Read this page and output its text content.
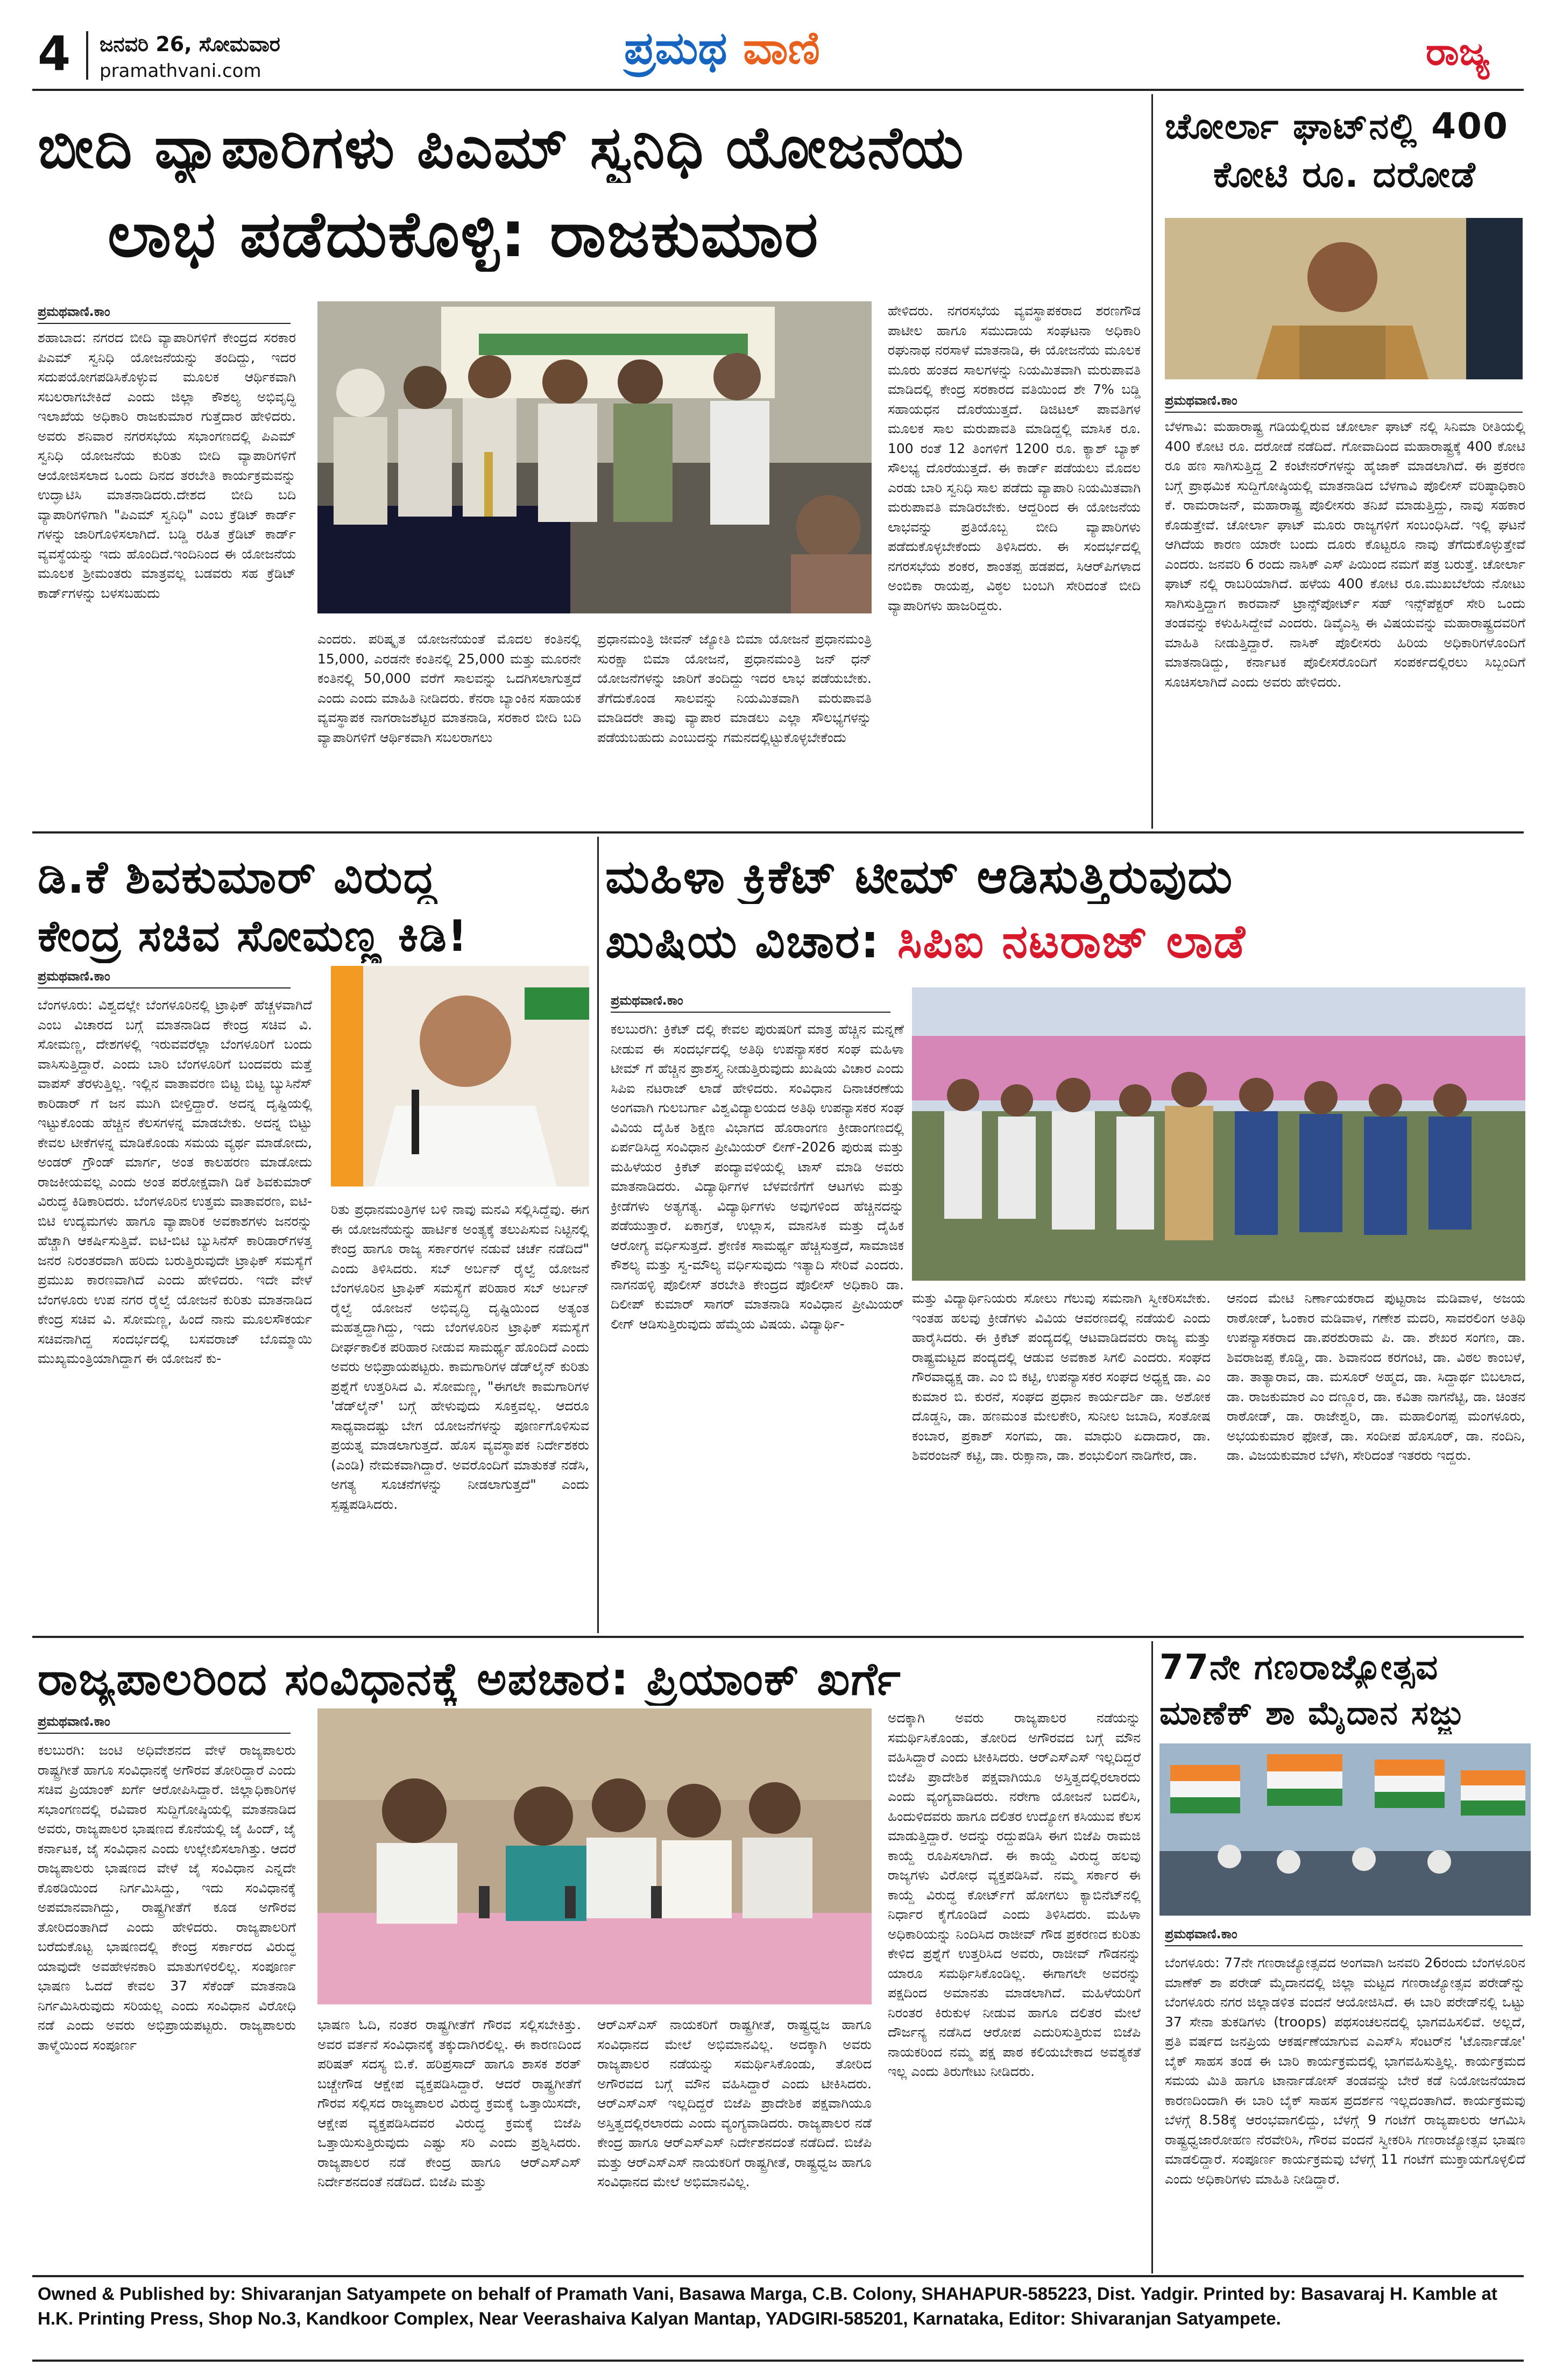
4 ಜನವರಿ 26, ಸೋಮವಾರ
pramathvani.com	ಪ್ರಮಥ ವಾಣಿ	ರಾಜ್ಯ
ಬೀದಿ ವ್ಯಾಪಾರಿಗಳು ಪಿಎಮ್ ಸ್ವನಿಧಿ ಯೋಜನೆಯ
ಲಾಭ ಪಡೆದುಕೊಳ್ಳಿ: ರಾಜಕುಮಾರ
ಪ್ರಮಥವಾಣಿ.ಕಾಂ
ಶಹಾಬಾದ: ನಗರದ ಬೀದಿ ವ್ಯಾಪಾರಿಗಳಿಗೆ ಕೇಂದ್ರದ ಸರಕಾರ ಪಿಎಮ್ ಸ್ವನಿಧಿ ಯೋಜನೆಯನ್ನು ತಂದಿದ್ದು, ಇದರ ಸದುಪಯೋಗಪಡಿಸಿಕೊಳ್ಳುವ ಮೂಲಕ ಆರ್ಥಿಕವಾಗಿ ಸಬಲರಾಗಬೇಕಿದೆ ಎಂದು ಜಿಲ್ಲಾ ಕೌಶಲ್ಯ ಅಭಿವೃದ್ಧಿ ಇಲಾಖೆಯ ಅಧಿಕಾರಿ ರಾಜಕುಮಾರ ಗುತ್ತೆದಾರ ಹೇಳಿದರು. ಅವರು ಶನಿವಾರ ನಗರಸಭೆಯ ಸಭಾಂಗಣದಲ್ಲಿ ಪಿಎಮ್ ಸ್ವನಿಧಿ ಯೋಜನೆಯ ಕುರಿತು ಬೀದಿ ವ್ಯಾಪಾರಿಗಳಿಗೆ ಆಯೋಜಿಸಲಾದ ಒಂದು ದಿನದ ತರಬೇತಿ ಕಾರ್ಯಕ್ರಮವನ್ನು ಉದ್ಘಾಟಿಸಿ ಮಾತನಾಡಿದರು.ದೇಶದ ಬೀದಿ ಬದಿ ವ್ಯಾಪಾರಿಗಳಿಗಾಗಿ "ಪಿಎಮ್ ಸ್ವನಿಧಿ" ಎಂಬ ಕ್ರೆಡಿಟ್ ಕಾರ್ಡ್ ಗಳನ್ನು ಜಾರಿಗೊಳಿಸಲಾಗಿದೆ. ಬಡ್ಡಿ ರಹಿತ ಕ್ರೆಡಿಟ್ ಕಾರ್ಡ್ ವ್ಯವಸ್ಥೆಯನ್ನು ಇದು ಹೊಂದಿದೆ.ಇಂದಿನಿಂದ ಈ ಯೋಜನೆಯ ಮೂಲಕ ಶ್ರೀಮಂತರು ಮಾತ್ರವಲ್ಲ ಬಡವರು ಸಹ ಕ್ರೆಡಿಟ್ ಕಾರ್ಡ್‌ಗಳನ್ನು ಬಳಸಬಹುದು
ಎಂದರು. ಪರಿಷ್ಕೃತ ಯೋಜನೆಯಂತೆ ಮೊದಲ ಕಂತಿನಲ್ಲಿ 15,000, ಎರಡನೇ ಕಂತಿನಲ್ಲಿ 25,000 ಮತ್ತು ಮೂರನೇ ಕಂತಿನಲ್ಲಿ 50,000 ವರೆಗೆ ಸಾಲವನ್ನು ಒದಗಿಸಲಾಗುತ್ತದೆ ಎಂದು ಎಂದು ಮಾಹಿತಿ ನೀಡಿದರು. ಕೆನರಾ ಬ್ಯಾಂಕಿನ ಸಹಾಯಕ ವ್ಯವಸ್ಥಾಪಕ ನಾಗರಾಜಶೆಟ್ಟರ ಮಾತನಾಡಿ, ಸರಕಾರ ಬೀದಿ ಬದಿ ವ್ಯಾಪಾರಿಗಳಿಗೆ ಆರ್ಥಿಕವಾಗಿ ಸಬಲರಾಗಲು
ಪ್ರಧಾನಮಂತ್ರಿ ಜೀವನ್ ಜ್ಯೋತಿ ಬಿಮಾ ಯೋಜನೆ ಪ್ರಧಾನಮಂತ್ರಿ ಸುರಕ್ಷಾ ಬಿಮಾ ಯೋಜನೆ, ಪ್ರಧಾನಮಂತ್ರಿ ಜನ್ ಧನ್ ಯೋಜನೆಗಳನ್ನು ಜಾರಿಗೆ ತಂದಿದ್ದು ಇದರ ಲಾಭ ಪಡೆಯಬೇಕು. ತೆಗೆದುಕೊಂಡ ಸಾಲವನ್ನು ನಿಯಮಿತವಾಗಿ ಮರುಪಾವತಿ ಮಾಡಿದರೇ ತಾವು ವ್ಯಾಪಾರ ಮಾಡಲು ಎಲ್ಲಾ ಸೌಲಭ್ಯಗಳನ್ನು ಪಡೆಯಬಹುದು ಎಂಬುದನ್ನು ಗಮನದಲ್ಲಿಟ್ಟುಕೊಳ್ಳಬೇಕೆಂದು
ಹೇಳಿದರು. ನಗರಸಭೆಯ ವ್ಯವಸ್ಥಾಪಕರಾದ ಶರಣಗೌಡ ಪಾಟೀಲ ಹಾಗೂ ಸಮುದಾಯ ಸಂಘಟನಾ ಅಧಿಕಾರಿ ರಘುನಾಥ ನರಸಾಳೆ ಮಾತನಾಡಿ, ಈ ಯೋಜನೆಯ ಮೂಲಕ ಮೂರು ಹಂತದ ಸಾಲಗಳನ್ನು ನಿಯಮಿತವಾಗಿ ಮರುಪಾವತಿ ಮಾಡಿದಲ್ಲಿ ಕೇಂದ್ರ ಸರಕಾರದ ವತಿಯಿಂದ ಶೇ 7% ಬಡ್ಡಿ ಸಹಾಯಧನ ದೊರೆಯುತ್ತದೆ. ಡಿಜಿಟಲ್ ಪಾವತಿಗಳ ಮೂಲಕ ಸಾಲ ಮರುಪಾವತಿ ಮಾಡಿದ್ದಲ್ಲಿ ಮಾಸಿಕ ರೂ. 100 ರಂತೆ 12 ತಿಂಗಳಿಗೆ 1200 ರೂ. ಕ್ಯಾಶ್ ಬ್ಯಾಕ್ ಸೌಲಭ್ಯ ದೊರೆಯುತ್ತದೆ. ಈ ಕಾರ್ಡ್ ಪಡೆಯಲು ಮೊದಲ ಎರಡು ಬಾರಿ ಸ್ವನಿಧಿ ಸಾಲ ಪಡೆದು ವ್ಯಾಪಾರಿ ನಿಯಮಿತವಾಗಿ ಮರುಪಾವತಿ ಮಾಡಿರಬೇಕು. ಆದ್ದರಿಂದ ಈ ಯೋಜನೆಯ ಲಾಭವನ್ನು ಪ್ರತಿಯೊಬ್ಬ ಬೀದಿ ವ್ಯಾಪಾರಿಗಳು ಪಡೆದುಕೊಳ್ಳಬೇಕೆಂದು ತಿಳಿಸಿದರು. ಈ ಸಂದರ್ಭದಲ್ಲಿ ನಗರಸಭೆಯ ಶಂಕರ, ಶಾಂತಪ್ಪ ಹಡಪದ, ಸಿಆರ್‌ಪಿಗಳಾದ ಅಂಬಿಕಾ ರಾಯಪ್ಪ, ವಿಠ್ಠಲ ಬಂಬಗಿ ಸೇರಿದಂತೆ ಬೀದಿ ವ್ಯಾಪಾರಿಗಳು ಹಾಜರಿದ್ದರು.
ಚೋರ್ಲಾ ಘಾಟ್‌ನಲ್ಲಿ 400
ಕೋಟಿ ರೂ. ದರೋಡೆ
ಪ್ರಮಥವಾಣಿ.ಕಾಂ
ಬೆಳಗಾವಿ: ಮಹಾರಾಷ್ಟ್ರ ಗಡಿಯಲ್ಲಿರುವ ಚೋರ್ಲಾ ಘಾಟ್ ನಲ್ಲಿ ಸಿನಿಮಾ ರೀತಿಯಲ್ಲಿ 400 ಕೋಟಿ ರೂ. ದರೋಡೆ ನಡೆದಿದೆ. ಗೋವಾದಿಂದ ಮಹಾರಾಷ್ಟ್ರಕ್ಕೆ 400 ಕೋಟಿ ರೂ ಹಣ ಸಾಗಿಸುತ್ತಿದ್ದ 2 ಕಂಟೇನರ್‌ಗಳನ್ನು ಹೈಜಾಕ್ ಮಾಡಲಾಗಿದೆ. ಈ ಪ್ರಕರಣ ಬಗ್ಗೆ ಪ್ರಾಥಮಿಕ ಸುದ್ದಿಗೋಷ್ಠಿಯಲ್ಲಿ ಮಾತನಾಡಿದ ಬೆಳಗಾವಿ ಪೊಲೀಸ್ ವರಿಷ್ಠಾಧಿಕಾರಿ ಕೆ. ರಾಮರಾಜನ್, ಮಹಾರಾಷ್ಟ್ರ ಪೊಲೀಸರು ತನಿಖೆ ಮಾಡುತ್ತಿದ್ದು, ನಾವು ಸಹಕಾರ ಕೊಡುತ್ತೇವೆ. ಚೋರ್ಲಾ ಘಾಟ್ ಮೂರು ರಾಜ್ಯಗಳಿಗೆ ಸಂಬಂಧಿಸಿದೆ. ಇಲ್ಲಿ ಘಟನೆ ಆಗಿದೆಯ ಕಾರಣ ಯಾರೇ ಬಂದು ದೂರು ಕೊಟ್ಟರೂ ನಾವು ತೆಗೆದುಕೊಳ್ಳುತ್ತೇವೆ ಎಂದರು. ಜನವರಿ 6 ರಂದು ನಾಸಿಕ್ ಎಸ್ ಪಿಯಿಂದ ನಮಗೆ ಪತ್ರ ಬರುತ್ತೆ. ಚೋರ್ಲಾ ಘಾಟ್ ನಲ್ಲಿ ರಾಬರಿಯಾಗಿದೆ. ಹಳೆಯ 400 ಕೋಟಿ ರೂ.ಮುಖಬೆಲೆಯ ನೋಟು ಸಾಗಿಸುತ್ತಿದ್ದಾಗ ಕಾರವಾನ್ ಟ್ರಾನ್ಸ್‌ಪೋರ್ಟ್ ಸಹ್ ಇನ್ಸ್‌ಪೆಕ್ಟರ್ ಸೇರಿ ಒಂದು ತಂಡವನ್ನು ಕಳುಹಿಸಿದ್ದೇವೆ ಎಂದರು. ಡಿವೈಎಸ್ಪಿ ಈ ವಿಷಯವನ್ನು ಮಹಾರಾಷ್ಟ್ರದವರಿಗೆ ಮಾಹಿತಿ ನೀಡುತ್ತಿದ್ದಾರೆ. ನಾಸಿಕ್ ಪೊಲೀಸರು ಹಿರಿಯ ಅಧಿಕಾರಿಗಳೊಂದಿಗೆ ಮಾತನಾಡಿದ್ದು, ಕರ್ನಾಟಕ ಪೊಲೀಸರೊಂದಿಗೆ ಸಂಪರ್ಕದಲ್ಲಿರಲು ಸಿಬ್ಬಂದಿಗೆ ಸೂಚಿಸಲಾಗಿದೆ ಎಂದು ಅವರು ಹೇಳಿದರು.
ಡಿ.ಕೆ ಶಿವಕುಮಾರ್ ವಿರುದ್ಧ
ಕೇಂದ್ರ ಸಚಿವ ಸೋಮಣ್ಣ ಕಿಡಿ!
ಪ್ರಮಥವಾಣಿ.ಕಾಂ
ಬೆಂಗಳೂರು: ವಿಶ್ವದಲ್ಲೇ ಬೆಂಗಳೂರಿನಲ್ಲಿ ಟ್ರಾಫಿಕ್ ಹೆಚ್ಚಳವಾಗಿದೆ ಎಂಬ ವಿಚಾರದ ಬಗ್ಗೆ ಮಾತನಾಡಿದ ಕೇಂದ್ರ ಸಚಿವ ವಿ. ಸೋಮಣ್ಣ, ದೇಶಗಳಲ್ಲಿ ಇರುವವರೆಲ್ಲಾ ಬೆಂಗಳೂರಿಗೆ ಬಂದು ವಾಸಿಸುತ್ತಿದ್ದಾರೆ. ಎಂದು ಬಾರಿ ಬೆಂಗಳೂರಿಗೆ ಬಂದವರು ಮತ್ತೆ ವಾಪಸ್ ತೆರಳುತ್ತಿಲ್ಲ. ಇಲ್ಲಿನ ವಾತಾವರಣ ಬಿಟ್ಟ ಬಿಟ್ಟ ಬ್ಯುಸಿನೆಸ್ ಕಾರಿಡಾರ್ ಗೆ ಜನ ಮುಗಿ ಬೀಳ್ತಿದ್ದಾರೆ. ಅದನ್ನ ದೃಷ್ಟಿಯಲ್ಲಿ ಇಟ್ಟುಕೊಂಡು ಹೆಚ್ಚಿನ ಕೆಲಸಗಳನ್ನ ಮಾಡಬೇಕು. ಅದನ್ನ ಬಿಟ್ಟು ಕೇವಲ ಟೀಕೆಗಳನ್ನ ಮಾಡಿಕೊಂಡು ಸಮಯ ವ್ಯರ್ಥ ಮಾಡೋದು, ಅಂಡರ್ ಗ್ರೌಂಡ್ ಮಾರ್ಗ, ಅಂತ ಕಾಲಹರಣ ಮಾಡೋದು ರಾಜಕೀಯವಲ್ಲ ಎಂದು ಅಂತ ಪರೋಕ್ಷವಾಗಿ ಡಿಕೆ ಶಿವಕುಮಾರ್ ವಿರುದ್ಧ ಕಿಡಿಕಾರಿದರು. ಬೆಂಗಳೂರಿನ ಉತ್ತಮ ವಾತಾವರಣ, ಐಟಿ-ಬಿಟಿ ಉದ್ಯಮಗಳು ಹಾಗೂ ವ್ಯಾಪಾರಿಕ ಅವಕಾಶಗಳು ಜನರನ್ನು ಹೆಚ್ಚಾಗಿ ಆಕರ್ಷಿಸುತ್ತಿವೆ. ಐಟಿ-ಬಿಟಿ ಬ್ಯುಸಿನೆಸ್ ಕಾರಿಡಾರ್‌ಗಳತ್ತ ಜನರ ನಿರಂತರವಾಗಿ ಹರಿದು ಬರುತ್ತಿರುವುದೇ ಟ್ರಾಫಿಕ್ ಸಮಸ್ಯೆಗೆ ಪ್ರಮುಖ ಕಾರಣವಾಗಿದೆ ಎಂದು ಹೇಳಿದರು. ಇದೇ ವೇಳೆ ಬೆಂಗಳೂರು ಉಪ ನಗರ ರೈಲ್ವೆ ಯೋಜನೆ ಕುರಿತು ಮಾತನಾಡಿದ ಕೇಂದ್ರ ಸಚಿವ ವಿ. ಸೋಮಣ್ಣ, ಹಿಂದೆ ನಾನು ಮೂಲಸೌಕರ್ಯ ಸಚಿವನಾಗಿದ್ದ ಸಂದರ್ಭದಲ್ಲಿ ಬಸವರಾಜ್ ಬೊಮ್ಮಾಯಿ ಮುಖ್ಯಮಂತ್ರಿಯಾಗಿದ್ದಾಗ ಈ ಯೋಜನೆ ಕು-
ರಿತು ಪ್ರಧಾನಮಂತ್ರಿಗಳ ಬಳಿ ನಾವು ಮನವಿ ಸಲ್ಲಿಸಿದ್ದೆವು. ಈಗ ಈ ಯೋಜನೆಯನ್ನು ಹಾರ್ಟಿಕ ಅಂತ್ಯಕ್ಕೆ ತಲುಪಿಸುವ ನಿಟ್ಟಿನಲ್ಲಿ ಕೇಂದ್ರ ಹಾಗೂ ರಾಜ್ಯ ಸರ್ಕಾರಗಳ ನಡುವೆ ಚರ್ಚೆ ನಡೆದಿದೆ" ಎಂದು ತಿಳಿಸಿದರು. ಸಬ್ ಅರ್ಬನ್ ರೈಲ್ವೆ ಯೋಜನೆ ಬೆಂಗಳೂರಿನ ಟ್ರಾಫಿಕ್ ಸಮಸ್ಯೆಗೆ ಪರಿಹಾರ ಸಬ್ ಅರ್ಬನ್ ರೈಲ್ವೆ ಯೋಜನೆ ಅಭಿವೃದ್ಧಿ ದೃಷ್ಟಿಯಿಂದ ಅತ್ಯಂತ ಮಹತ್ವದ್ದಾಗಿದ್ದು, ಇದು ಬೆಂಗಳೂರಿನ ಟ್ರಾಫಿಕ್ ಸಮಸ್ಯೆಗೆ ದೀರ್ಘಕಾಲಿಕ ಪರಿಹಾರ ನೀಡುವ ಸಾಮರ್ಥ್ಯ ಹೊಂದಿದೆ ಎಂದು ಅವರು ಅಭಿಪ್ರಾಯಪಟ್ಟರು. ಕಾಮಗಾರಿಗಳ ಡೆಡ್‌ಲೈನ್ ಕುರಿತು ಪ್ರಶ್ನೆಗೆ ಉತ್ತರಿಸಿದ ವಿ. ಸೋಮಣ್ಣ, "ಈಗಲೇ ಕಾಮಗಾರಿಗಳ 'ಡೆಡ್‌ಲೈನ್' ಬಗ್ಗೆ ಹೇಳುವುದು ಸೂಕ್ತವಲ್ಲ. ಆದರೂ ಸಾಧ್ಯವಾದಷ್ಟು ಬೇಗ ಯೋಜನೆಗಳನ್ನು ಪೂರ್ಣಗೊಳಿಸುವ ಪ್ರಯತ್ನ ಮಾಡಲಾಗುತ್ತದೆ. ಹೊಸ ವ್ಯವಸ್ಥಾಪಕ ನಿರ್ದೇಶಕರು (ಎಂಡಿ) ನೇಮಕವಾಗಿದ್ದಾರೆ. ಅವರೊಂದಿಗೆ ಮಾತುಕತೆ ನಡೆಸಿ, ಅಗತ್ಯ ಸೂಚನೆಗಳನ್ನು ನೀಡಲಾಗುತ್ತದೆ" ಎಂದು ಸ್ಪಷ್ಟಪಡಿಸಿದರು.
ಮಹಿಳಾ ಕ್ರಿಕೆಟ್ ಟೀಮ್ ಆಡಿಸುತ್ತಿರುವುದು
ಖುಷಿಯ ವಿಚಾರ: ಸಿಪಿಐ ನಟರಾಜ್ ಲಾಡೆ
ಪ್ರಮಥವಾಣಿ.ಕಾಂ
ಕಲಬುರಗಿ: ಕ್ರಿಕೆಟ್ ದಲ್ಲಿ ಕೇವಲ ಪುರುಷರಿಗೆ ಮಾತ್ರ ಹೆಚ್ಚಿನ ಮನ್ನಣೆ ನೀಡುವ ಈ ಸಂದರ್ಭದಲ್ಲಿ ಅತಿಥಿ ಉಪನ್ಯಾಸಕರ ಸಂಘ ಮಹಿಳಾ ಟೀಮ್ ಗೆ ಹೆಚ್ಚಿನ ಪ್ರಾಶಸ್ತ್ಯ ನೀಡುತ್ತಿರುವುದು ಖುಷಿಯ ವಿಚಾರ ಎಂದು ಸಿಪಿಐ ನಟರಾಜ್ ಲಾಡೆ ಹೇಳಿದರು. ಸಂವಿಧಾನ ದಿನಾಚರಣೆಯ ಅಂಗವಾಗಿ ಗುಲಬರ್ಗಾ ವಿಶ್ವವಿದ್ಯಾಲಯದ ಅತಿಥಿ ಉಪನ್ಯಾಸಕರ ಸಂಘ ವಿವಿಯ ದೈಹಿಕ ಶಿಕ್ಷಣ ವಿಭಾಗದ ಹೊರಾಂಗಣ ಕ್ರೀಡಾಂಗಣದಲ್ಲಿ ಏರ್ಪಡಿಸಿದ್ದ ಸಂವಿಧಾನ ಪ್ರೀಮಿಯರ್ ಲೀಗ್-2026 ಪುರುಷ ಮತ್ತು ಮಹಿಳೆಯರ ಕ್ರಿಕೆಟ್ ಪಂದ್ಯಾವಳಿಯಲ್ಲಿ ಟಾಸ್ ಮಾಡಿ ಅವರು ಮಾತನಾಡಿದರು. ವಿದ್ಯಾರ್ಥಿಗಳ ಬೆಳವಣಿಗೆಗೆ ಆಟಗಳು ಮತ್ತು ಕ್ರೀಡೆಗಳು ಅತ್ಯಗತ್ಯ. ವಿದ್ಯಾರ್ಥಿಗಳು ಅವುಗಳಿಂದ ಹೆಚ್ಚಿನದನ್ನು ಪಡೆಯುತ್ತಾರೆ. ಏಕಾಗ್ರತೆ, ಉಲ್ಲಾಸ, ಮಾನಸಿಕ ಮತ್ತು ದೈಹಿಕ ಆರೋಗ್ಯ ವರ್ಧಿಸುತ್ತದೆ. ಶ್ರೇಣಿಕ ಸಾಮರ್ಥ್ಯ ಹೆಚ್ಚಿಸುತ್ತದೆ, ಸಾಮಾಜಿಕ ಕೌಶಲ್ಯ ಮತ್ತು ಸ್ವ-ಮೌಲ್ಯ ವರ್ಧಿಸುವುದು ಇತ್ಯಾದಿ ಸೇರಿವೆ ಎಂದರು. ನಾಗನಹಳ್ಳಿ ಪೊಲೀಸ್ ತರಬೇತಿ ಕೇಂದ್ರದ ಪೊಲೀಸ್ ಅಧಿಕಾರಿ ಡಾ. ದಿಲೀಪ್ ಕುಮಾರ್ ಸಾಗರ್ ಮಾತನಾಡಿ ಸಂವಿಧಾನ ಪ್ರೀಮಿಯರ್ ಲೀಗ್ ಆಡಿಸುತ್ತಿರುವುದು ಹೆಮ್ಮೆಯ ವಿಷಯ. ವಿದ್ಯಾರ್ಥಿ-
ಮತ್ತು ವಿದ್ಯಾರ್ಥಿನಿಯರು ಸೋಲು ಗೆಲುವು ಸಮನಾಗಿ ಸ್ವೀಕರಿಸಬೇಕು. ಇಂತಹ ಹಲವು ಕ್ರೀಡೆಗಳು ವಿವಿಯ ಆವರಣದಲ್ಲಿ ನಡೆಯಲಿ ಎಂದು ಹಾರೈಸಿದರು. ಈ ಕ್ರಿಕೆಟ್ ಪಂದ್ಯದಲ್ಲಿ ಆಟವಾಡಿದವರು ರಾಜ್ಯ ಮತ್ತು ರಾಷ್ಟ್ರಮಟ್ಟದ ಪಂದ್ಯದಲ್ಲಿ ಆಡುವ ಅವಕಾಶ ಸಿಗಲಿ ಎಂದರು. ಸಂಘದ ಗೌರವಾಧ್ಯಕ್ಷ ಡಾ. ಎಂ ಬಿ ಕಟ್ಟಿ, ಉಪನ್ಯಾಸಕರ ಸಂಘದ ಅಧ್ಯಕ್ಷ ಡಾ. ಎಂ ಕುಮಾರ ಬಿ. ಕುರನೆ, ಸಂಘದ ಪ್ರಧಾನ ಕಾರ್ಯದರ್ಶಿ ಡಾ. ಅಶೋಕ ದೊಡ್ಡನಿ, ಡಾ. ಹಣಮಂತ ಮೇಲಕೇರಿ, ಸುನೀಲ ಜಬಾದಿ, ಸಂತೋಷ ಕಂಬಾರ, ಪ್ರಕಾಶ್ ಸಂಗಮ, ಡಾ. ಮಾಧುರಿ ಏದಾದಾರ, ಡಾ. ಶಿವರಂಜನ್ ಕಟ್ಟಿ, ಡಾ. ರುಕ್ಸಾನಾ, ಡಾ. ಶಂಭುಲಿಂಗ ನಾಡಿಗೇರ, ಡಾ.
ಆನಂದ ಮೇಟಿ ನಿರ್ಣಾಯಕರಾದ ಪುಟ್ಟರಾಜ ಮಡಿವಾಳ, ಅಜಯ ರಾಠೋಡ್, ಓಂಕಾರ ಮಡಿವಾಳ, ಗಣೇಶ ಮದರಿ, ಸಾವರಲಿಂಗ ಅತಿಥಿ ಉಪನ್ಯಾಸಕರಾದ ಡಾ.ಪರಶುರಾಮ ಪಿ. ಡಾ. ಶೇಖರ ಸಂಗಣ, ಡಾ. ಶಿವರಾಜಪ್ಪ ಕೊಡ್ಡಿ, ಡಾ. ಶಿವಾನಂದ ಕರಗಂಟಿ, ಡಾ. ವಿಠಲ ಕಾಂಬಳೆ, ಡಾ. ತಾತ್ಯಾರಾವ, ಡಾ. ಮಸೂರ್ ಅಹ್ಮದ, ಡಾ. ಸಿದ್ದಾರ್ಥ ಬಿಬಲಾದ, ಡಾ. ರಾಜಕುಮಾರ ಎಂ ದಣ್ಣೂರ, ಡಾ. ಕವಿತಾ ನಾಗನೆಟ್ಟಿ, ಡಾ. ಚಿಂತನ ರಾಠೋಡ್, ಡಾ. ರಾಜೇಶ್ವರಿ, ಡಾ. ಮಹಾಲಿಂಗಪ್ಪ ಮಂಗಳೂರು, ಅಭಯಕುಮಾರ ಫೋತೆ, ಡಾ. ಸಂದೀಪ ಹೊಸೂರ್, ಡಾ. ನಂದಿನಿ, ಡಾ. ವಿಜಯಕುಮಾರ ಬೆಳಗಿ, ಸೇರಿದಂತೆ ಇತರರು ಇದ್ದರು.
ರಾಜ್ಯಪಾಲರಿಂದ ಸಂವಿಧಾನಕ್ಕೆ ಅಪಚಾರ: ಪ್ರಿಯಾಂಕ್ ಖರ್ಗೆ
ಪ್ರಮಥವಾಣಿ.ಕಾಂ
ಕಲಬುರಗಿ: ಜಂಟಿ ಅಧಿವೇಶನದ ವೇಳೆ ರಾಜ್ಯಪಾಲರು ರಾಷ್ಟ್ರಗೀತೆ ಹಾಗೂ ಸಂವಿಧಾನಕ್ಕೆ ಅಗೌರವ ತೋರಿದ್ದಾರೆ ಎಂದು ಸಚಿವ ಪ್ರಿಯಾಂಕ್ ಖರ್ಗೆ ಆರೋಪಿಸಿದ್ದಾರೆ. ಜಿಲ್ಲಾಧಿಕಾರಿಗಳ ಸಭಾಂಗಣದಲ್ಲಿ ರವಿವಾರ ಸುದ್ದಿಗೋಷ್ಠಿಯಲ್ಲಿ ಮಾತನಾಡಿದ ಅವರು, ರಾಜ್ಯಪಾಲರ ಭಾಷಣದ ಕೊನೆಯಲ್ಲಿ ಜೈ ಹಿಂದ್, ಜೈ ಕರ್ನಾಟಕ, ಜೈ ಸಂವಿಧಾನ ಎಂದು ಉಲ್ಲೇಖಿಸಲಾಗಿತ್ತು. ಆದರೆ ರಾಜ್ಯಪಾಲರು ಭಾಷಣದ ವೇಳೆ ಜೈ ಸಂವಿಧಾನ ಎನ್ನದೇ ಕೊಠಡಿಯಿಂದ ನಿರ್ಗಮಿಸಿದ್ದು, ಇದು ಸಂವಿಧಾನಕ್ಕೆ ಅಪಮಾನವಾಗಿದ್ದು, ರಾಷ್ಟ್ರಗೀತೆಗೆ ಕೂಡ ಅಗೌರವ ತೋರಿದಂತಾಗಿದೆ ಎಂದು ಹೇಳಿದರು. ರಾಜ್ಯಪಾಲರಿಗೆ ಬರೆದುಕೊಟ್ಟ ಭಾಷಣದಲ್ಲಿ ಕೇಂದ್ರ ಸರ್ಕಾರದ ವಿರುದ್ಧ ಯಾವುದೇ ಅವಹೇಳನಕಾರಿ ಮಾತುಗಳಿರಲಿಲ್ಲ. ಸಂಪೂರ್ಣ ಭಾಷಣ ಓದದೆ ಕೇವಲ 37 ಸೆಕೆಂಡ್ ಮಾತನಾಡಿ ನಿರ್ಗಮಿಸಿರುವುದು ಸರಿಯಲ್ಲ ಎಂದು ಸಂವಿಧಾನ ವಿರೋಧಿ ನಡೆ ಎಂದು ಅವರು ಅಭಿಪ್ರಾಯಪಟ್ಟರು. ರಾಜ್ಯಪಾಲರು ತಾಳ್ಮೆಯಿಂದ ಸಂಪೂರ್ಣ
ಭಾಷಣ ಓದಿ, ನಂತರ ರಾಷ್ಟ್ರಗೀತೆಗೆ ಗೌರವ ಸಲ್ಲಿಸಬೇಕಿತ್ತು. ಅವರ ವರ್ತನೆ ಸಂವಿಧಾನಕ್ಕೆ ತಕ್ಕುದಾಗಿರಲಿಲ್ಲ. ಈ ಕಾರಣದಿಂದ ಪರಿಷತ್ ಸದಸ್ಯ ಬಿ.ಕೆ. ಹರಿಪ್ರಸಾದ್ ಹಾಗೂ ಶಾಸಕ ಶರತ್ ಬಚ್ಚೇಗೌಡ ಆಕ್ಷೇಪ ವ್ಯಕ್ತಪಡಿಸಿದ್ದಾರೆ. ಆದರೆ ರಾಷ್ಟ್ರಗೀತೆಗೆ ಗೌರವ ಸಲ್ಲಿಸದ ರಾಜ್ಯಪಾಲರ ವಿರುದ್ಧ ಕ್ರಮಕ್ಕೆ ಒತ್ತಾಯಿಸದೇ, ಆಕ್ಷೇಪ ವ್ಯಕ್ತಪಡಿಸಿದವರ ವಿರುದ್ಧ ಕ್ರಮಕ್ಕೆ ಬಿಜೆಪಿ ಒತ್ತಾಯಿಸುತ್ತಿರುವುದು ಎಷ್ಟು ಸರಿ ಎಂದು ಪ್ರಶ್ನಿಸಿದರು. ರಾಜ್ಯಪಾಲರ ನಡೆ ಕೇಂದ್ರ ಹಾಗೂ ಆರ್‌ಎಸ್‌ಎಸ್ ನಿರ್ದೇಶನದಂತೆ ನಡೆದಿದೆ. ಬಿಜೆಪಿ ಮತ್ತು
ಆರ್‌ಎಸ್‌ಎಸ್ ನಾಯಕರಿಗೆ ರಾಷ್ಟ್ರಗೀತೆ, ರಾಷ್ಟ್ರಧ್ವಜ ಹಾಗೂ ಸಂವಿಧಾನದ ಮೇಲೆ ಅಭಿಮಾನವಿಲ್ಲ. ಅದಕ್ಕಾಗಿ ಅವರು ರಾಜ್ಯಪಾಲರ ನಡೆಯನ್ನು ಸಮರ್ಥಿಸಿಕೊಂಡು, ತೋರಿದ ಅಗೌರವದ ಬಗ್ಗೆ ಮೌನ ವಹಿಸಿದ್ದಾರೆ ಎಂದು ಟೀಕಿಸಿದರು. ಆರ್‌ಎಸ್‌ಎಸ್ ಇಲ್ಲದಿದ್ದರೆ ಬಿಜೆಪಿ ಪ್ರಾದೇಶಿಕ ಪಕ್ಷವಾಗಿಯೂ ಅಸ್ತಿತ್ವದಲ್ಲಿರಲಾರದು ಎಂದು ವ್ಯಂಗ್ಯವಾಡಿದರು. ರಾಜ್ಯಪಾಲರ ನಡೆ ಕೇಂದ್ರ ಹಾಗೂ ಆರ್‌ಎಸ್‌ಎಸ್ ನಿರ್ದೇಶನದಂತೆ ನಡೆದಿದೆ. ಬಿಜೆಪಿ ಮತ್ತು ಆರ್‌ಎಸ್‌ಎಸ್ ನಾಯಕರಿಗೆ ರಾಷ್ಟ್ರಗೀತೆ, ರಾಷ್ಟ್ರಧ್ವಜ ಹಾಗೂ ಸಂವಿಧಾನದ ಮೇಲೆ ಅಭಿಮಾನವಿಲ್ಲ.
ಅದಕ್ಕಾಗಿ ಅವರು ರಾಜ್ಯಪಾಲರ ನಡೆಯನ್ನು ಸಮರ್ಥಿಸಿಕೊಂಡು, ತೋರಿದ ಅಗೌರವದ ಬಗ್ಗೆ ಮೌನ ವಹಿಸಿದ್ದಾರೆ ಎಂದು ಟೀಕಿಸಿದರು. ಆರ್‌ಎಸ್‌ಎಸ್ ಇಲ್ಲದಿದ್ದರೆ ಬಿಜೆಪಿ ಪ್ರಾದೇಶಿಕ ಪಕ್ಷವಾಗಿಯೂ ಅಸ್ತಿತ್ವದಲ್ಲಿರಲಾರದು ಎಂದು ವ್ಯಂಗ್ಯವಾಡಿದರು. ನರೇಗಾ ಯೋಜನೆ ಬದಲಿಸಿ, ಹಿಂದುಳಿದವರು ಹಾಗೂ ದಲಿತರ ಉದ್ಯೋಗ ಕಸಿಯುವ ಕೆಲಸ ಮಾಡುತ್ತಿದ್ದಾರೆ. ಅದನ್ನು ರದ್ದುಪಡಿಸಿ ಈಗ ಬಿಜೆಪಿ ರಾಮಜಿ ಕಾಯ್ದೆ ರೂಪಿಸಲಾಗಿದೆ. ಈ ಕಾಯ್ದೆ ವಿರುದ್ಧ ಹಲವು ರಾಜ್ಯಗಳು ವಿರೋಧ ವ್ಯಕ್ತಪಡಿಸಿವೆ. ನಮ್ಮ ಸರ್ಕಾರ ಈ ಕಾಯ್ದೆ ವಿರುದ್ಧ ಕೋರ್ಟ್‌ಗೆ ಹೋಗಲು ಕ್ಯಾಬಿನೆಟ್‌ನಲ್ಲಿ ನಿರ್ಧಾರ ಕೈಗೊಂಡಿದೆ ಎಂದು ತಿಳಿಸಿದರು. ಮಹಿಳಾ ಅಧಿಕಾರಿಯನ್ನು ನಿಂದಿಸಿದ ರಾಜೀವ್ ಗೌಡ ಪ್ರಕರಣದ ಕುರಿತು ಕೇಳಿದ ಪ್ರಶ್ನೆಗೆ ಉತ್ತರಿಸಿದ ಅವರು, ರಾಜೀವ್ ಗೌಡನನ್ನು ಯಾರೂ ಸಮರ್ಥಿಸಿಕೊಂಡಿಲ್ಲ. ಈಗಾಗಲೇ ಅವರನ್ನು ಪಕ್ಷದಿಂದ ಅಮಾನತು ಮಾಡಲಾಗಿದೆ. ಮಹಿಳೆಯರಿಗೆ ನಿರಂತರ ಕಿರುಕುಳ ನೀಡುವ ಹಾಗೂ ದಲಿತರ ಮೇಲೆ ದೌರ್ಜನ್ಯ ನಡೆಸಿದ ಆರೋಪ ಎದುರಿಸುತ್ತಿರುವ ಬಿಜೆಪಿ ನಾಯಕರಿಂದ ನಮ್ಮ ಪಕ್ಷ ಪಾಠ ಕಲಿಯಬೇಕಾದ ಅವಶ್ಯಕತೆ ಇಲ್ಲ ಎಂದು ತಿರುಗೇಟು ನೀಡಿದರು.
77ನೇ ಗಣರಾಜ್ಯೋತ್ಸವ
ಮಾಣೆಕ್ ಶಾ ಮೈದಾನ ಸಜ್ಜು
ಪ್ರಮಥವಾಣಿ.ಕಾಂ
ಬೆಂಗಳೂರು: 77ನೇ ಗಣರಾಜ್ಯೋತ್ಸವದ ಅಂಗವಾಗಿ ಜನವರಿ 26ರಂದು ಬೆಂಗಳೂರಿನ ಮಾಣೆಕ್ ಶಾ ಪರೇಡ್ ಮೈದಾನದಲ್ಲಿ ಜಿಲ್ಲಾ ಮಟ್ಟದ ಗಣರಾಜ್ಯೋತ್ಸವ ಪರೇಡ್‌ನ್ನು ಬೆಂಗಳೂರು ನಗರ ಜಿಲ್ಲಾಡಳಿತ ವಂದನೆ ಆಯೋಜಿಸಿದೆ. ಈ ಬಾರಿ ಪರೇಡ್‌ನಲ್ಲಿ ಒಟ್ಟು 37 ಸೇನಾ ತುಕಡಿಗಳು (troops) ಪಥಸಂಚಲನದಲ್ಲಿ ಭಾಗವಹಿಸಲಿವೆ. ಅಲ್ಲದೆ, ಪ್ರತಿ ವರ್ಷದ ಜನಪ್ರಿಯ ಆಕರ್ಷಣೆಯಾಗುವ ಎಎಸ್‌ಸಿ ಸೆಂಟರ್‌ನ 'ಟೊರ್ನಾಡೋ' ಬೈಕ್ ಸಾಹಸ ತಂಡ ಈ ಬಾರಿ ಕಾರ್ಯಕ್ರಮದಲ್ಲಿ ಭಾಗವಹಿಸುತ್ತಿಲ್ಲ. ಕಾರ್ಯಕ್ರಮದ ಸಮಯ ಮಿತಿ ಹಾಗೂ ಟಾರ್ನಾಡೋಸ್ ತಂಡವನ್ನು ಬೇರೆ ಕಡೆ ನಿಯೋಜನೆಯಾದ ಕಾರಣದಿಂದಾಗಿ ಈ ಬಾರಿ ಬೈಕ್ ಸಾಹಸ ಪ್ರದರ್ಶನ ಇಲ್ಲದಂತಾಗಿದೆ. ಕಾರ್ಯಕ್ರಮವು ಬೆಳಗ್ಗೆ 8.58ಕ್ಕೆ ಆರಂಭವಾಗಲಿದ್ದು, ಬೆಳಗ್ಗೆ 9 ಗಂಟೆಗೆ ರಾಜ್ಯಪಾಲರು ಆಗಮಿಸಿ ರಾಷ್ಟ್ರಧ್ವಜಾರೋಹಣ ನೆರವೇರಿಸಿ, ಗೌರವ ವಂದನೆ ಸ್ವೀಕರಿಸಿ ಗಣರಾಜ್ಯೋತ್ಸವ ಭಾಷಣ ಮಾಡಲಿದ್ದಾರೆ. ಸಂಪೂರ್ಣ ಕಾರ್ಯಕ್ರಮವು ಬೆಳಗ್ಗೆ 11 ಗಂಟೆಗೆ ಮುಕ್ತಾಯಗೊಳ್ಳಲಿದೆ ಎಂದು ಅಧಿಕಾರಿಗಳು ಮಾಹಿತಿ ನೀಡಿದ್ದಾರೆ.
Owned & Published by: Shivaranjan Satyampete on behalf of Pramath Vani, Basawa Marga, C.B. Colony, SHAHAPUR-585223, Dist. Yadgir. Printed by: Basavaraj H. Kamble at H.K. Printing Press, Shop No.3, Kandkoor Complex, Near Veerashaiva Kalyan Mantap, YADGIRI-585201, Karnataka, Editor: Shivaranjan Satyampete.
